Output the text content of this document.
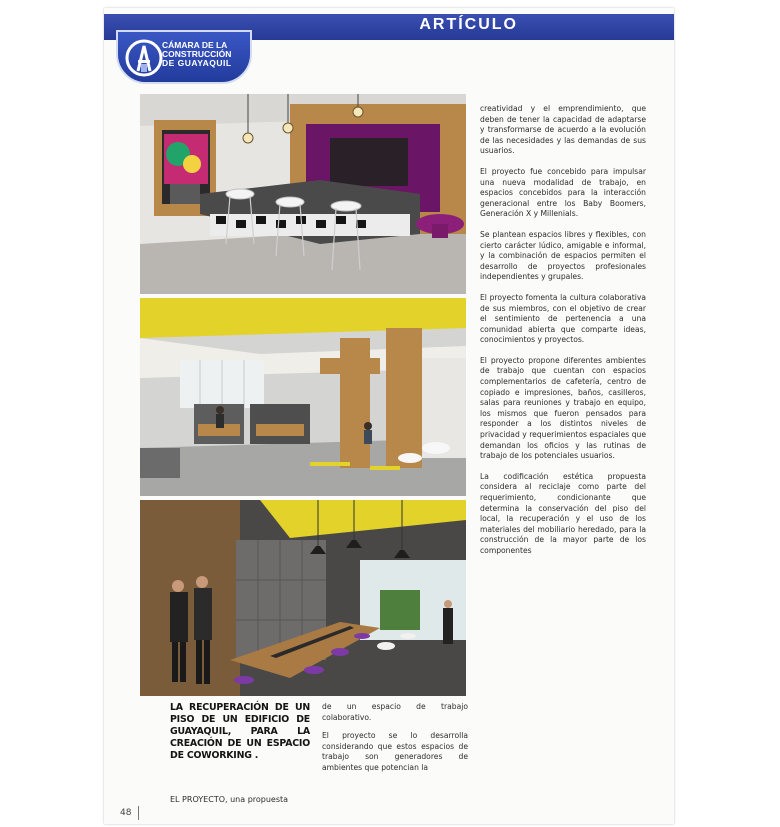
ARTÍCULO
CÁMARA DE LA
CONSTRUCCIÓN
DE GUAYAQUIL

creatividad y el emprendimiento, que deben de tener la capacidad de adaptarse y transformarse de acuerdo a la evolución de las necesidades y las demandas de sus usuarios.

El proyecto fue concebido para impulsar una nueva modalidad de trabajo, en espacios concebidos para la interacción generacional entre los Baby Boomers, Generación X y Millenials.

Se plantean espacios libres y flexibles, con cierto carácter lúdico, amigable e informal, y la combinación de espacios permiten el desarrollo de proyectos profesionales independientes y grupales.

El proyecto fomenta la cultura colaborativa de sus miembros, con el objetivo de crear el sentimiento de pertenencia a una comunidad abierta que comparte ideas, conocimientos y proyectos.

El proyecto propone diferentes ambientes de trabajo que cuentan con espacios complementarios de cafetería, centro de copiado e impresiones, baños, casilleros, salas para reuniones y trabajo en equipo, los mismos que fueron pensados para responder a los distintos niveles de privacidad y requerimientos espaciales que demandan los oficios y las rutinas de trabajo de los potenciales usuarios.

La codificación estética propuesta considera al reciclaje como parte del requerimiento, condicionante que determina la conservación del piso del local, la recuperación y el uso de los materiales del mobiliario heredado, para la construcción de la mayor parte de los componentes

LA RECUPERACIÓN DE UN PISO DE UN EDIFICIO DE GUAYAQUIL, PARA LA CREACIÓN DE UN ESPACIO DE COWORKING .
EL PROYECTO, una propuesta

de un espacio de trabajo colaborativo.

El proyecto se lo desarrolla considerando que estos espacios de trabajo son generadores de ambientes que potencian la

48
